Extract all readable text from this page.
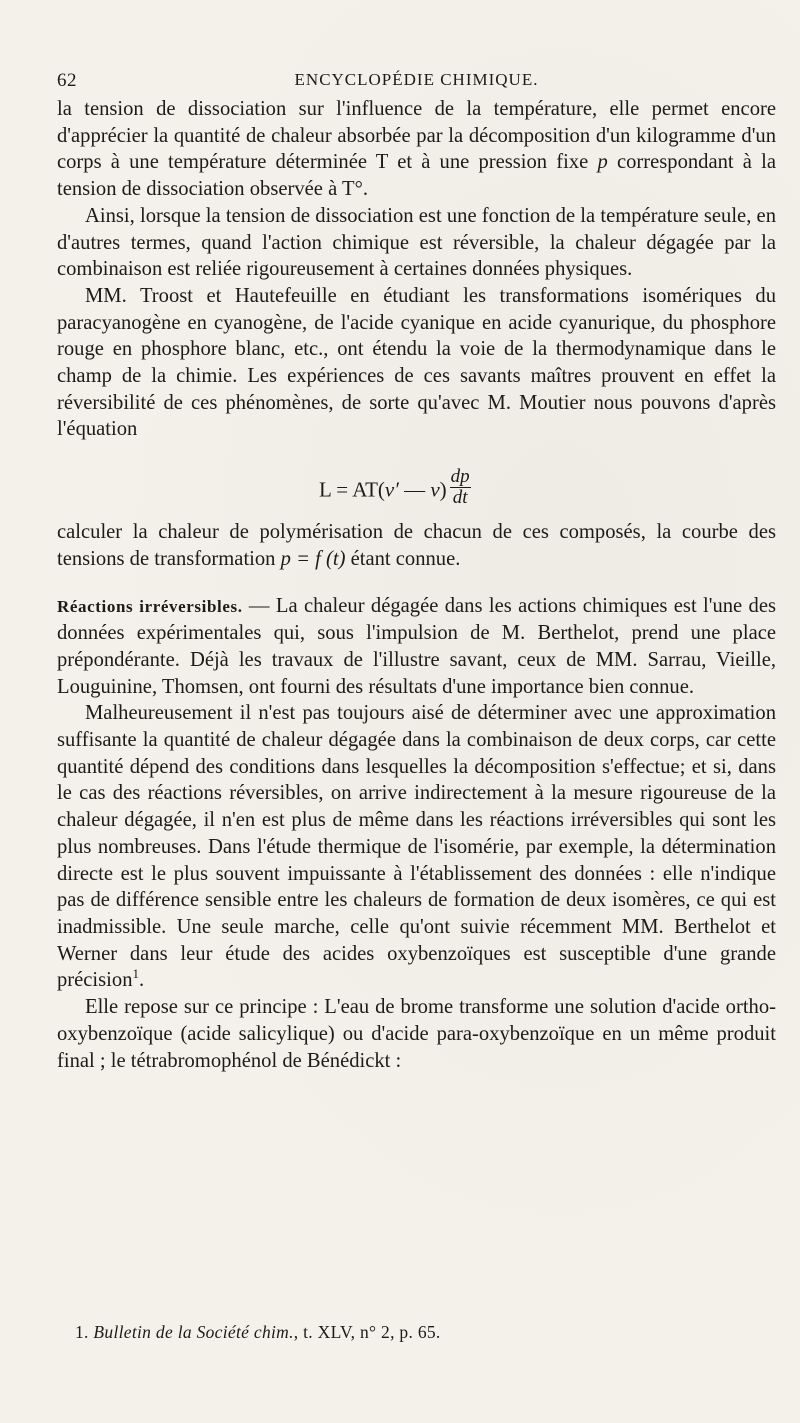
62	ENCYCLOPÉDIE CHIMIQUE.

la tension de dissociation sur l'influence de la température, elle permet encore d'apprécier la quantité de chaleur absorbée par la décomposition d'un kilogramme d'un corps à une température déterminée T et à une pression fixe p correspondant à la tension de dissociation observée à T°.

Ainsi, lorsque la tension de dissociation est une fonction de la température seule, en d'autres termes, quand l'action chimique est réversible, la chaleur dégagée par la combinaison est reliée rigoureusement à certaines données physiques.

MM. Troost et Hautefeuille en étudiant les transformations isomériques du paracyanogène en cyanogène, de l'acide cyanique en acide cyanurique, du phosphore rouge en phosphore blanc, etc., ont étendu la voie de la thermodynamique dans le champ de la chimie. Les expériences de ces savants maîtres prouvent en effet la réversibilité de ces phénomènes, de sorte qu'avec M. Moutier nous pouvons d'après l'équation

L = AT(v′ — $v) \frac{dp}{dt}$

calculer la chaleur de polymérisation de chacun de ces composés, la courbe des tensions de transformation p = f (t) étant connue.

Réactions irréversibles. — La chaleur dégagée dans les actions chimiques est l'une des données expérimentales qui, sous l'impulsion de M. Berthelot, prend une place prépondérante. Déjà les travaux de l'illustre savant, ceux de MM. Sarrau, Vieille, Louguinine, Thomsen, ont fourni des résultats d'une importance bien connue.

Malheureusement il n'est pas toujours aisé de déterminer avec une approximation suffisante la quantité de chaleur dégagée dans la combinaison de deux corps, car cette quantité dépend des conditions dans lesquelles la décomposition s'effectue; et si, dans le cas des réactions réversibles, on arrive indirectement à la mesure rigoureuse de la chaleur dégagée, il n'en est plus de même dans les réactions irréversibles qui sont les plus nombreuses. Dans l'étude thermique de l'isomérie, par exemple, la détermination directe est le plus souvent impuissante à l'établissement des données : elle n'indique pas de différence sensible entre les chaleurs de formation de deux isomères, ce qui est inadmissible. Une seule marche, celle qu'ont suivie récemment MM. Berthelot et Werner dans leur étude des acides oxybenzoïques est susceptible d'une grande précision$^1$.

Elle repose sur ce principe : L'eau de brome transforme une solution d'acide ortho-oxybenzoïque (acide salicylique) ou d'acide para-oxybenzoïque en un même produit final ; le tétrabromophénol de Bénédickt :

1. Bulletin de la Société chim., t. XLV, n° 2, p. 65.
